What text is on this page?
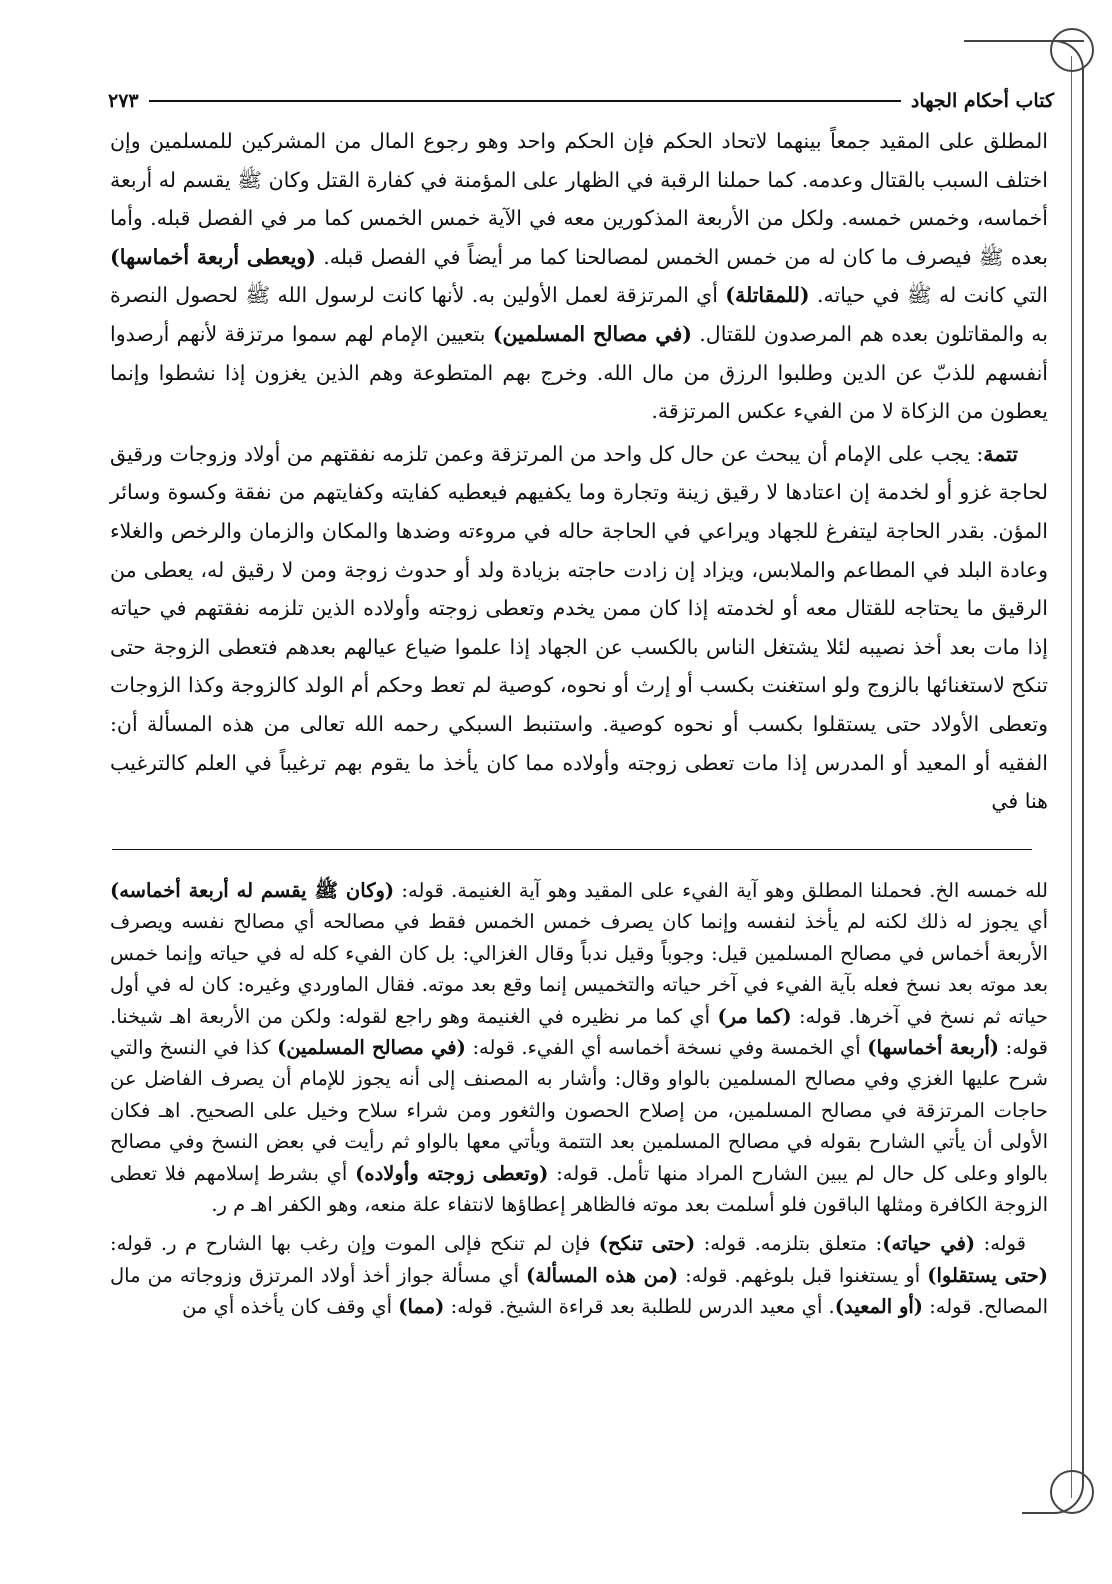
كتاب أحكام الجهاد
٢٧٣

المطلق على المقيد جمعاً بينهما لاتحاد الحكم فإن الحكم واحد وهو رجوع المال من المشركين للمسلمين وإن اختلف السبب بالقتال وعدمه. كما حملنا الرقبة في الظهار على المؤمنة في كفارة القتل وكان ﷺ يقسم له أربعة أخماسه، وخمس خمسه. ولكل من الأربعة المذكورين معه في الآية خمس الخمس كما مر في الفصل قبله. وأما بعده ﷺ فيصرف ما كان له من خمس الخمس لمصالحنا كما مر أيضاً في الفصل قبله. (ويعطى أربعة أخماسها) التي كانت له ﷺ في حياته. (للمقاتلة) أي المرتزقة لعمل الأولين به. لأنها كانت لرسول الله ﷺ لحصول النصرة به والمقاتلون بعده هم المرصدون للقتال. (في مصالح المسلمين) بتعيين الإمام لهم سموا مرتزقة لأنهم أرصدوا أنفسهم للذبّ عن الدين وطلبوا الرزق من مال الله. وخرج بهم المتطوعة وهم الذين يغزون إذا نشطوا وإنما يعطون من الزكاة لا من الفيء عكس المرتزقة.

تتمة: يجب على الإمام أن يبحث عن حال كل واحد من المرتزقة وعمن تلزمه نفقتهم من أولاد وزوجات ورقيق لحاجة غزو أو لخدمة إن اعتادها لا رقيق زينة وتجارة وما يكفيهم فيعطيه كفايته وكفايتهم من نفقة وكسوة وسائر المؤن. بقدر الحاجة ليتفرغ للجهاد ويراعي في الحاجة حاله في مروءته وضدها والمكان والزمان والرخص والغلاء وعادة البلد في المطاعم والملابس، ويزاد إن زادت حاجته بزيادة ولد أو حدوث زوجة ومن لا رقيق له، يعطى من الرقيق ما يحتاجه للقتال معه أو لخدمته إذا كان ممن يخدم وتعطى زوجته وأولاده الذين تلزمه نفقتهم في حياته إذا مات بعد أخذ نصيبه لئلا يشتغل الناس بالكسب عن الجهاد إذا علموا ضياع عيالهم بعدهم فتعطى الزوجة حتى تنكح لاستغنائها بالزوج ولو استغنت بكسب أو إرث أو نحوه، كوصية لم تعط وحكم أم الولد كالزوجة وكذا الزوجات وتعطى الأولاد حتى يستقلوا بكسب أو نحوه كوصية. واستنبط السبكي رحمه الله تعالى من هذه المسألة أن: الفقيه أو المعيد أو المدرس إذا مات تعطى زوجته وأولاده مما كان يأخذ ما يقوم بهم ترغيباً في العلم كالترغيب هنا في

لله خمسه الخ. فحملنا المطلق وهو آية الفيء على المقيد وهو آية الغنيمة. قوله: (وكان ﷺ يقسم له أربعة أخماسه) أي يجوز له ذلك لكنه لم يأخذ لنفسه وإنما كان يصرف خمس الخمس فقط في مصالحه أي مصالح نفسه ويصرف الأربعة أخماس في مصالح المسلمين قيل: وجوباً وقيل ندباً وقال الغزالي: بل كان الفيء كله له في حياته وإنما خمس بعد موته بعد نسخ فعله بآية الفيء في آخر حياته والتخميس إنما وقع بعد موته. فقال الماوردي وغيره: كان له في أول حياته ثم نسخ في آخرها. قوله: (كما مر) أي كما مر نظيره في الغنيمة وهو راجع لقوله: ولكن من الأربعة اهـ شيخنا. قوله: (أربعة أخماسها) أي الخمسة وفي نسخة أخماسه أي الفيء. قوله: (في مصالح المسلمين) كذا في النسخ والتي شرح عليها الغزي وفي مصالح المسلمين بالواو وقال: وأشار به المصنف إلى أنه يجوز للإمام أن يصرف الفاضل عن حاجات المرتزقة في مصالح المسلمين، من إصلاح الحصون والثغور ومن شراء سلاح وخيل على الصحيح. اهـ فكان الأولى أن يأتي الشارح بقوله في مصالح المسلمين بعد التتمة ويأتي معها بالواو ثم رأيت في بعض النسخ وفي مصالح بالواو وعلى كل حال لم يبين الشارح المراد منها تأمل. قوله: (وتعطى زوجته وأولاده) أي بشرط إسلامهم فلا تعطى الزوجة الكافرة ومثلها الباقون فلو أسلمت بعد موته فالظاهر إعطاؤها لانتفاء علة منعه، وهو الكفر اهـ م ر.

قوله: (في حياته): متعلق بتلزمه. قوله: (حتى تنكح) فإن لم تنكح فإلى الموت وإن رغب بها الشارح م ر. قوله: (حتى يستقلوا) أو يستغنوا قبل بلوغهم. قوله: (من هذه المسألة) أي مسألة جواز أخذ أولاد المرتزق وزوجاته من مال المصالح. قوله: (أو المعيد). أي معيد الدرس للطلبة بعد قراءة الشيخ. قوله: (مما) أي وقف كان يأخذه أي من
